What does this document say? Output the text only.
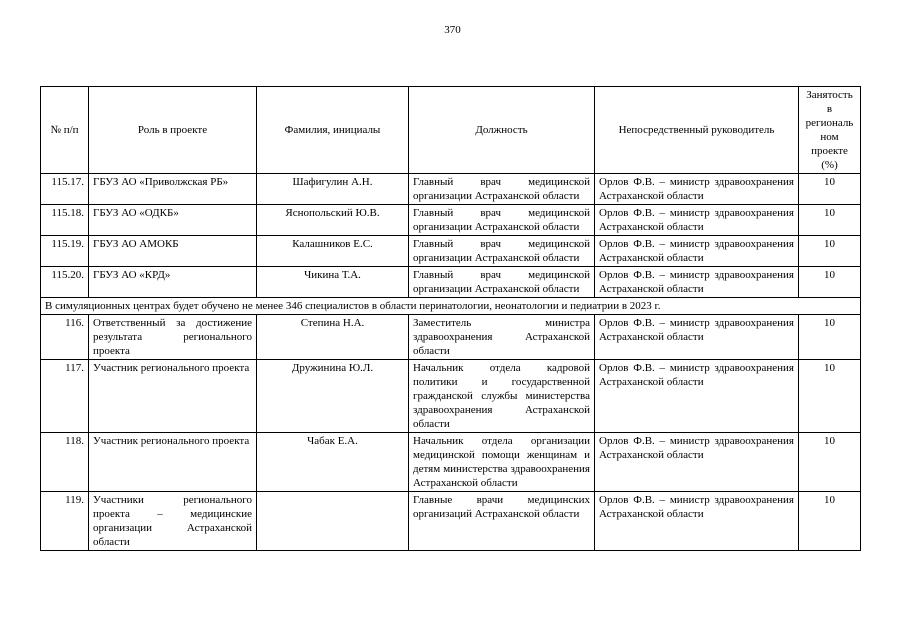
370
№ п/п	Роль в проекте	Фамилия, инициалы	Должность	Непосредственный руководитель	Занятость в региональном проекте (%)
115.17.	ГБУЗ АО «Приволжская РБ»	Шафигулин А.Н.	Главный врач медицинской организации Астраханской области	Орлов Ф.В. – министр здравоохранения Астраханской области	10
115.18.	ГБУЗ АО «ОДКБ»	Яснопольский Ю.В.	Главный врач медицинской организации Астраханской области	Орлов Ф.В. – министр здравоохранения Астраханской области	10
115.19.	ГБУЗ АО АМОКБ	Калашников Е.С.	Главный врач медицинской организации Астраханской области	Орлов Ф.В. – министр здравоохранения Астраханской области	10
115.20.	ГБУЗ АО «КРД»	Чикина Т.А.	Главный врач медицинской организации Астраханской области	Орлов Ф.В. – министр здравоохранения Астраханской области	10
В симуляционных центрах будет обучено не менее 346 специалистов в области перинатологии, неонатологии и педиатрии в 2023 г.					
116.	Ответственный за достижение результата регионального проекта	Степина Н.А.	Заместитель министра здравоохранения Астраханской области	Орлов Ф.В. – министр здравоохранения Астраханской области	10
117.	Участник регионального проекта	Дружинина Ю.Л.	Начальник отдела кадровой политики и государственной гражданской службы министерства здравоохранения Астраханской области	Орлов Ф.В. – министр здравоохранения Астраханской области	10
118.	Участник регионального проекта	Чабак Е.А.	Начальник отдела организации медицинской помощи женщинам и детям министерства здравоохранения Астраханской области	Орлов Ф.В. – министр здравоохранения Астраханской области	10
119.	Участники регионального проекта – медицинские организации Астраханской области		Главные врачи медицинских организаций Астраханской области	Орлов Ф.В. – министр здравоохранения Астраханской области	10
